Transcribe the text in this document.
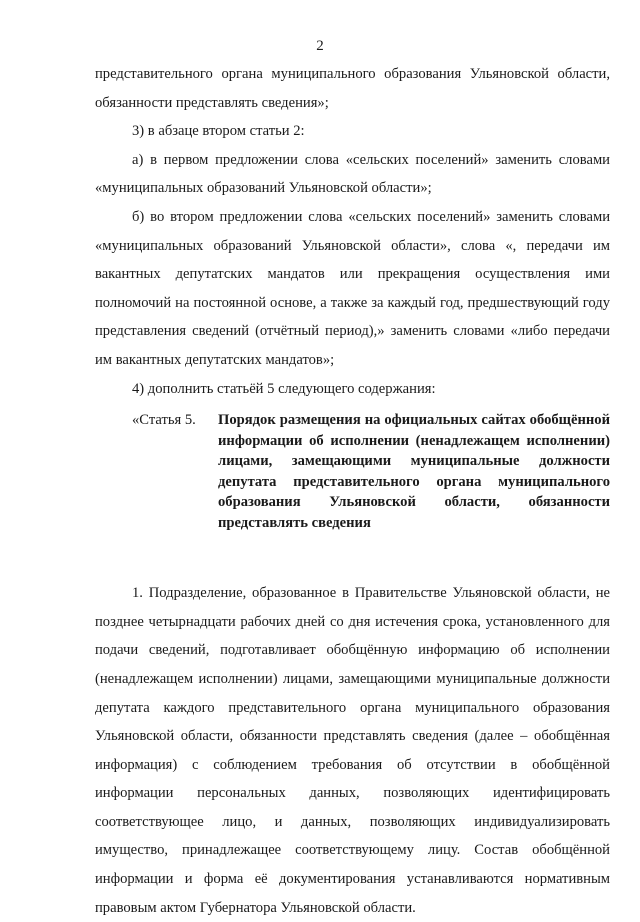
2

представительного органа муниципального образования Ульяновской области, обязанности представлять сведения»;

3) в абзаце втором статьи 2:

а) в первом предложении слова «сельских поселений» заменить словами «муниципальных образований Ульяновской области»;

б) во втором предложении слова «сельских поселений» заменить словами «муниципальных образований Ульяновской области», слова «, передачи им вакантных депутатских мандатов или прекращения осуществления ими полномочий на постоянной основе, а также за каждый год, предшествующий году представления сведений (отчётный период),» заменить словами «либо передачи им вакантных депутатских мандатов»;

4) дополнить статьёй 5 следующего содержания:

«Статья 5.	Порядок размещения на официальных сайтах обобщённой информации об исполнении (ненадлежащем исполнении) лицами, замещающими муниципальные должности депутата представительного органа муниципального образования Ульяновской области, обязанности представлять сведения

1. Подразделение, образованное в Правительстве Ульяновской области, не позднее четырнадцати рабочих дней со дня истечения срока, установленного для подачи сведений, подготавливает обобщённую информацию об исполнении (ненадлежащем исполнении) лицами, замещающими муниципальные должности депутата каждого представительного органа муниципального образования Ульяновской области, обязанности представлять сведения (далее – обобщённая информация) с соблюдением требования об отсутствии в обобщённой информации персональных данных, позволяющих идентифицировать соответствующее лицо, и данных, позволяющих индивидуализировать имущество, принадлежащее соответствующему лицу. Состав обобщённой информации и форма её документирования устанавливаются нормативным правовым актом Губернатора Ульяновской области.
